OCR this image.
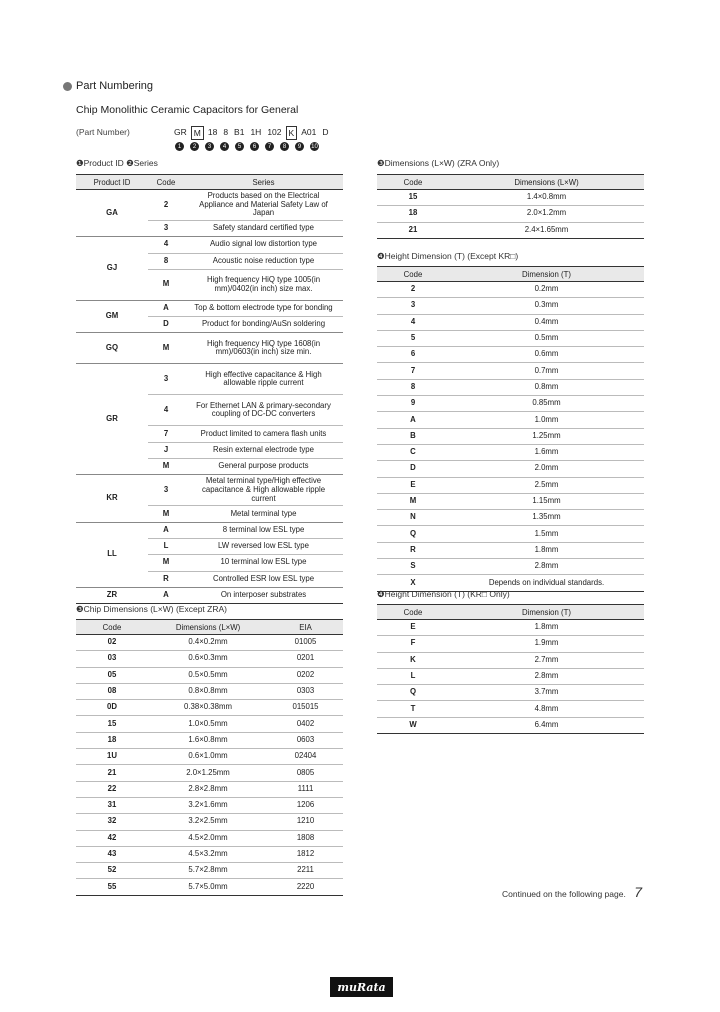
Part Numbering
Chip Monolithic Ceramic Capacitors for General
(Part Number)	GR M 18 8 B1 1H 102 K A01 D
1	2	3	4	5	6	7	8	9	10
❶Product ID ❷Series
Product ID	Code	Series
GA	2	Products based on the Electrical Appliance and Material Safety Law of Japan
	3	Safety standard certified type
GJ	4	Audio signal low distortion type
	8	Acoustic noise reduction type
	M	High frequency HiQ type 1005(in mm)/0402(in inch) size max.
GM	A	Top & bottom electrode type for bonding
	D	Product for bonding/AuSn soldering
GQ	M	High frequency HiQ type 1608(in mm)/0603(in inch) size min.
GR	3	High effective capacitance & High allowable ripple current
	4	For Ethernet LAN & primary-secondary coupling of DC-DC converters
	7	Product limited to camera flash units
	J	Resin external electrode type
	M	General purpose products
KR	3	Metal terminal type/High effective capacitance & High allowable ripple current
	M	Metal terminal type
LL	A	8 terminal low ESL type
	L	LW reversed low ESL type
	M	10 terminal low ESL type
	R	Controlled ESR low ESL type
ZR	A	On interposer substrates
❸Chip Dimensions (L×W) (Except ZRA)
Code	Dimensions (L×W)	EIA
02	0.4×0.2mm	01005
03	0.6×0.3mm	0201
05	0.5×0.5mm	0202
08	0.8×0.8mm	0303
0D	0.38×0.38mm	015015
15	1.0×0.5mm	0402
18	1.6×0.8mm	0603
1U	0.6×1.0mm	02404
21	2.0×1.25mm	0805
22	2.8×2.8mm	1111
31	3.2×1.6mm	1206
32	3.2×2.5mm	1210
42	4.5×2.0mm	1808
43	4.5×3.2mm	1812
52	5.7×2.8mm	2211
55	5.7×5.0mm	2220
❸Dimensions (L×W) (ZRA Only)
Code	Dimensions (L×W)
15	1.4×0.8mm
18	2.0×1.2mm
21	2.4×1.65mm
❹Height Dimension (T) (Except KR□)
Code	Dimension (T)
2	0.2mm
3	0.3mm
4	0.4mm
5	0.5mm
6	0.6mm
7	0.7mm
8	0.8mm
9	0.85mm
A	1.0mm
B	1.25mm
C	1.6mm
D	2.0mm
E	2.5mm
M	1.15mm
N	1.35mm
Q	1.5mm
R	1.8mm
S	2.8mm
X	Depends on individual standards.
❹Height Dimension (T) (KR□ Only)
Code	Dimension (T)
E	1.8mm
F	1.9mm
K	2.7mm
L	2.8mm
Q	3.7mm
T	4.8mm
W	6.4mm
Continued on the following page. 7
muRata
